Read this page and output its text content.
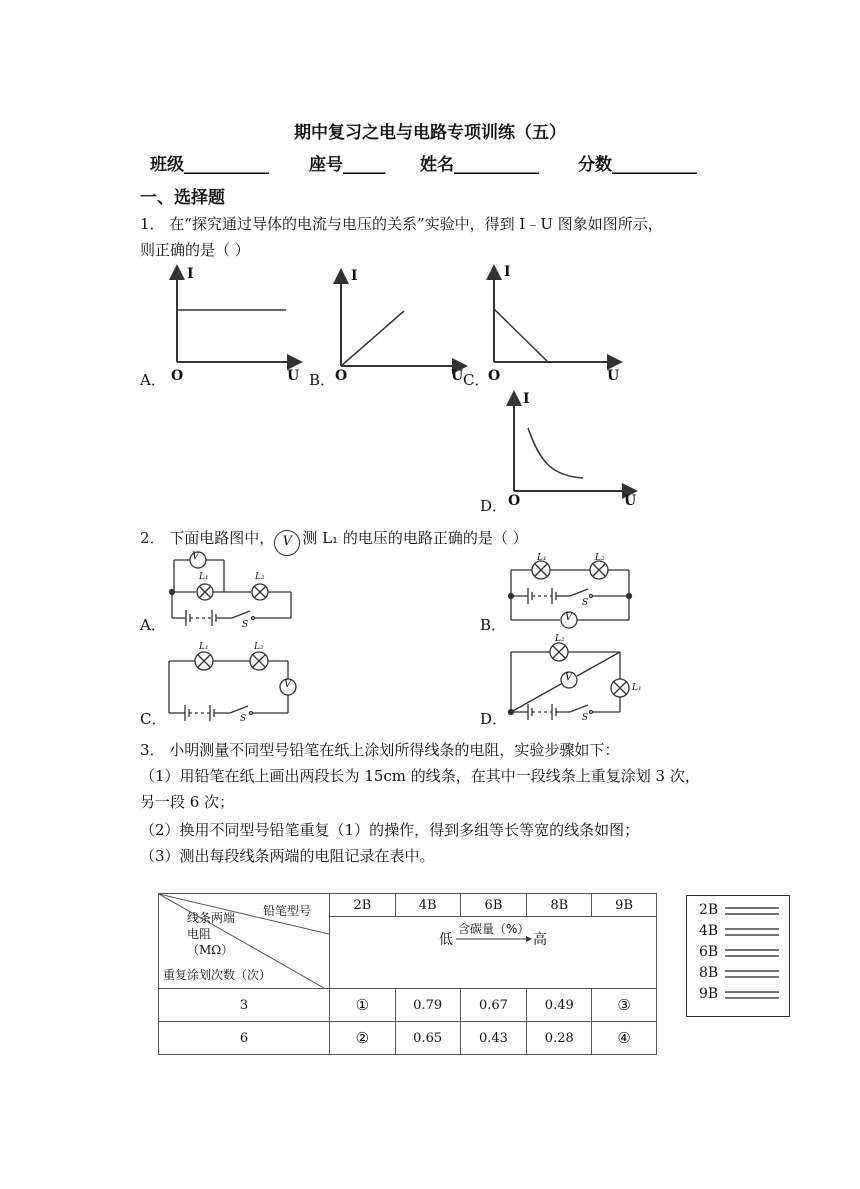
期中复习之电与电路专项训练（五）
班级__________ 座号_____ 姓名__________ 分数__________
一、选择题
1． 在“探究通过导体的电流与电压的关系”实验中，得到 I﹣U 图象如图所示，
则正确的是（ ）
I
O	U
A．
I
O	U
B．
I
O	U
C．
I
O	U
D．
2． 下面电路图中， V 测 L₁ 的电压的电路正确的是（ ）
A．	B．
C．	D．
V
L₁	L₂
S
L₁	L₂
V
S
L₁	L₂
V
S
L₂
L₁
V
S
3． 小明测量不同型号铅笔在纸上涂划所得线条的电阻，实验步骤如下：
（1）用铅笔在纸上画出两段长为 15cm 的线条，在其中一段线条上重复涂划 3 次，
另一段 6 次；
（2）换用不同型号铅笔重复（1）的操作，得到多组等长等宽的线条如图；
（3）测出每段线条两端的电阻记录在表中。
铅笔型号
线条两端 电阻（MΩ）
重复涂划次数（次）	2B	4B	6B	8B	9B

	低
含碳量（%）
高				

3	①	0.79	0.67	0.49	③
6	②	0.65	0.43	0.28	④
2B
4B
6B
8B
9B
